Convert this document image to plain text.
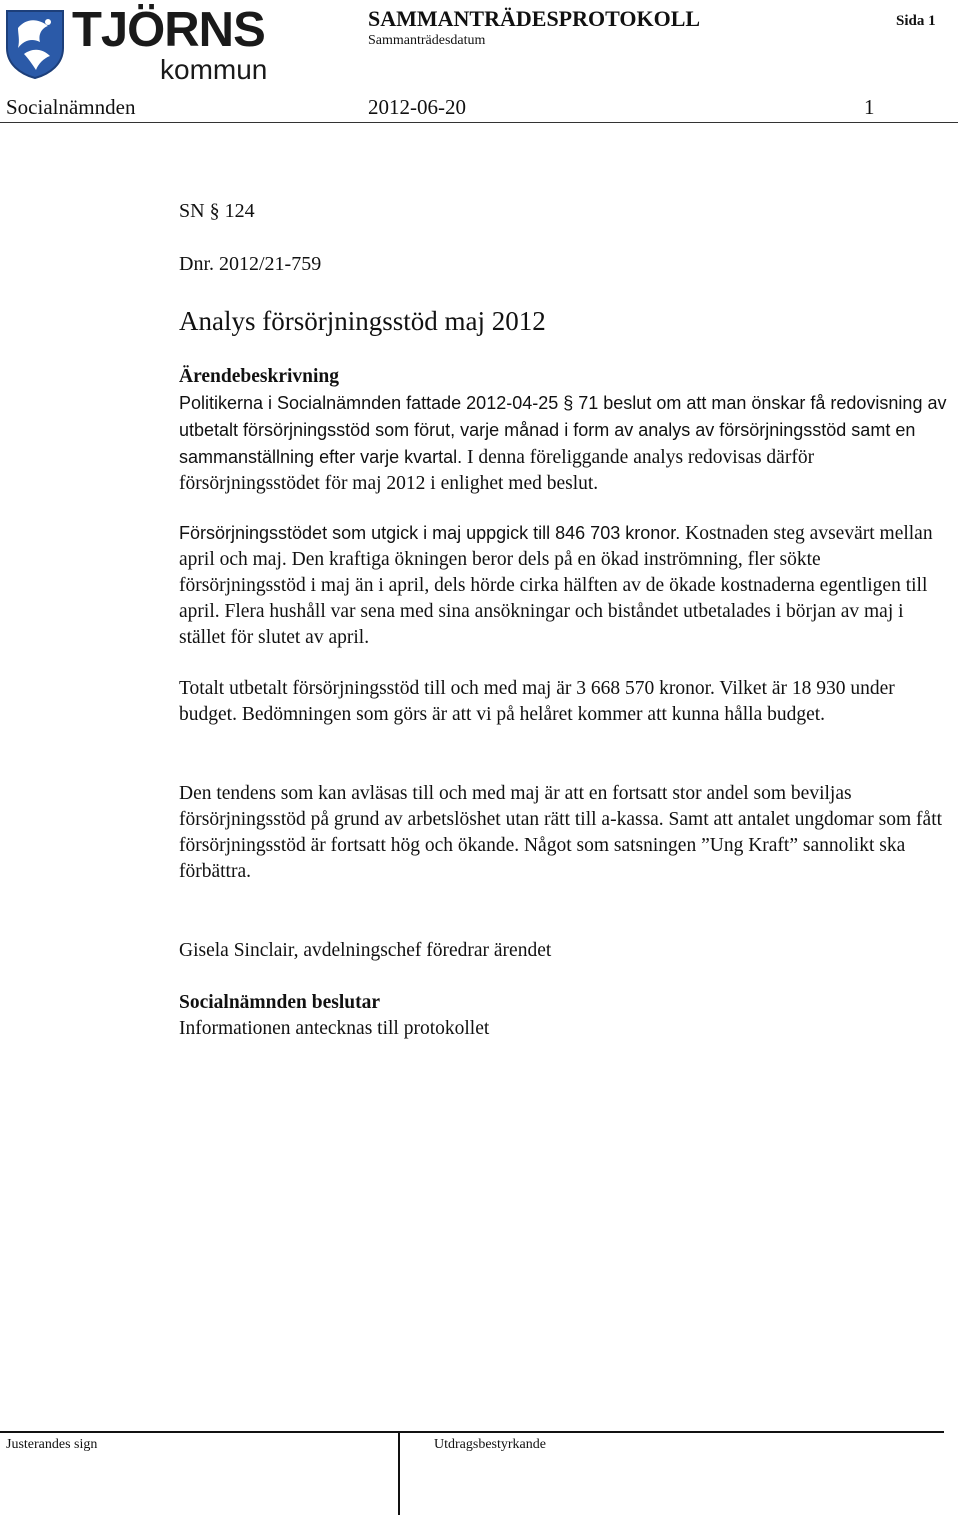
TJÖRNS
kommun
SAMMANTRÄDESPROTOKOLL
Sammanträdesdatum
Sida 1
Socialnämnden	2012-06-20	1
SN § 124
Dnr. 2012/21-759
Analys försörjningsstöd maj 2012

Ärendebeskrivning

Politikerna i Socialnämnden fattade 2012-04-25 § 71 beslut om att man önskar få redovisning av utbetalt försörjningsstöd som förut, varje månad i form av analys av försörjningsstöd samt en sammanställning efter varje kvartal. I denna föreliggande analys redovisas därför försörjningsstödet för maj 2012 i enlighet med beslut.

Försörjningsstödet som utgick i maj uppgick till 846 703 kronor. Kostnaden steg avsevärt mellan april och maj. Den kraftiga ökningen beror dels på en ökad inströmning, fler sökte försörjningsstöd i maj än i april, dels hörde cirka hälften av de ökade kostnaderna egentligen till april. Flera hushåll var sena med sina ansökningar och biståndet utbetalades i början av maj i stället för slutet av april.

Totalt utbetalt försörjningsstöd till och med maj är 3 668 570 kronor. Vilket är 18 930 under budget. Bedömningen som görs är att vi på helåret kommer att kunna hålla budget.

Den tendens som kan avläsas till och med maj är att en fortsatt stor andel som beviljas försörjningsstöd på grund av arbetslöshet utan rätt till a-kassa. Samt att antalet ungdomar som fått försörjningsstöd är fortsatt hög och ökande. Något som satsningen ”Ung Kraft” sannolikt ska förbättra.

Gisela Sinclair, avdelningschef föredrar ärendet

Socialnämnden beslutar

Informationen antecknas till protokollet

Justerandes sign	Utdragsbestyrkande
